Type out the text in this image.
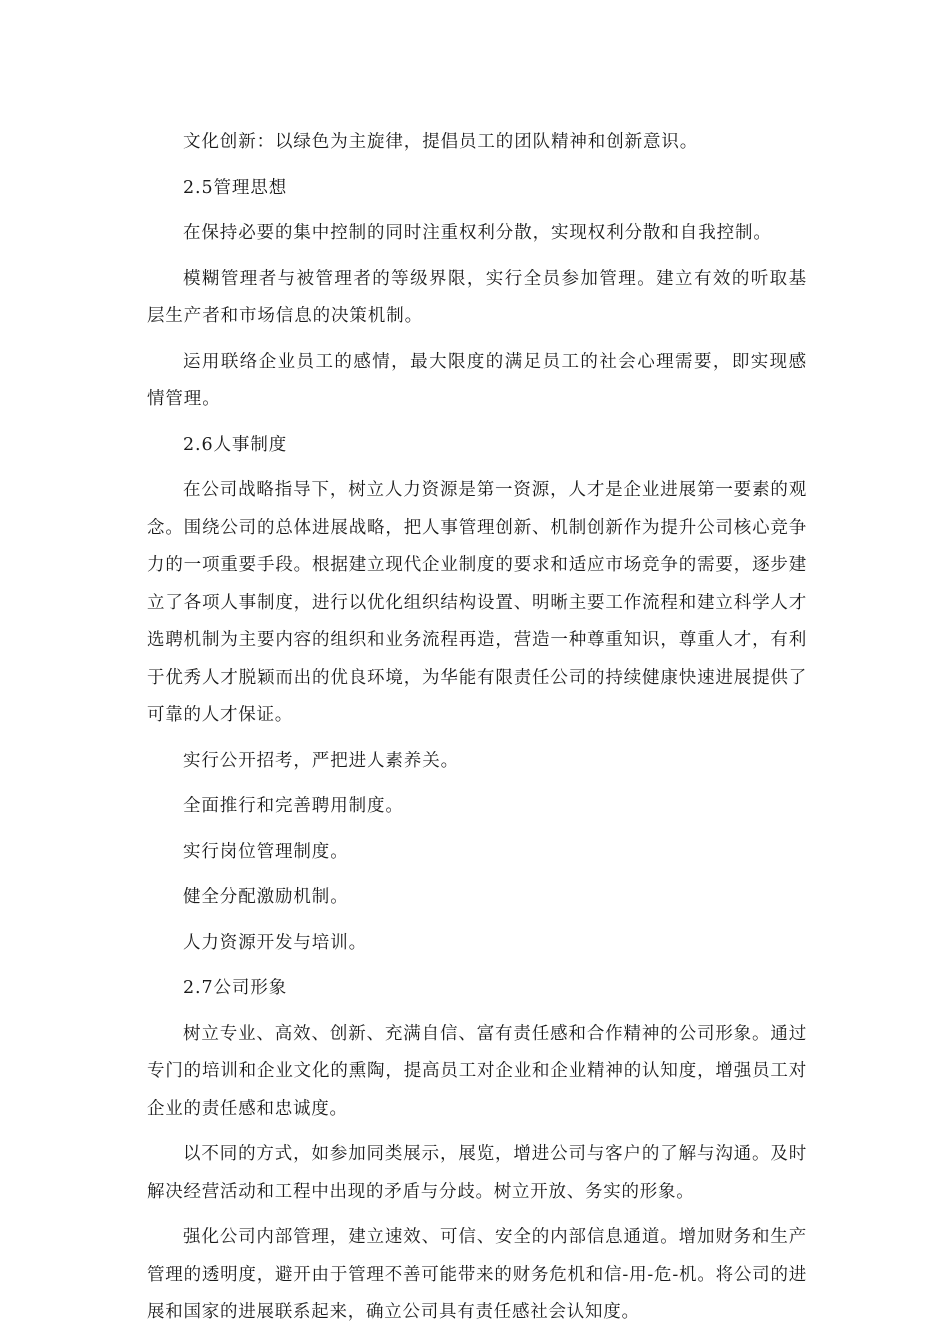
文化创新：以绿色为主旋律，提倡员工的团队精神和创新意识。

2.5管理思想

在保持必要的集中控制的同时注重权利分散，实现权利分散和自我控制。

模糊管理者与被管理者的等级界限，实行全员参加管理。建立有效的听取基层生产者和市场信息的决策机制。

运用联络企业员工的感情，最大限度的满足员工的社会心理需要，即实现感情管理。

2.6人事制度

在公司战略指导下，树立人力资源是第一资源，人才是企业进展第一要素的观念。围绕公司的总体进展战略，把人事管理创新、机制创新作为提升公司核心竞争力的一项重要手段。根据建立现代企业制度的要求和适应市场竞争的需要，逐步建立了各项人事制度，进行以优化组织结构设置、明晰主要工作流程和建立科学人才选聘机制为主要内容的组织和业务流程再造，营造一种尊重知识，尊重人才，有利于优秀人才脱颖而出的优良环境，为华能有限责任公司的持续健康快速进展提供了可靠的人才保证。

实行公开招考，严把进人素养关。

全面推行和完善聘用制度。

实行岗位管理制度。

健全分配激励机制。

人力资源开发与培训。

2.7公司形象

树立专业、高效、创新、充满自信、富有责任感和合作精神的公司形象。通过专门的培训和企业文化的熏陶，提高员工对企业和企业精神的认知度，增强员工对企业的责任感和忠诚度。

以不同的方式，如参加同类展示，展览，增进公司与客户的了解与沟通。及时解决经营活动和工程中出现的矛盾与分歧。树立开放、务实的形象。

强化公司内部管理，建立速效、可信、安全的内部信息通道。增加财务和生产管理的透明度，避开由于管理不善可能带来的财务危机和信-用-危-机。将公司的进展和国家的进展联系起来，确立公司具有责任感社会认知度。
